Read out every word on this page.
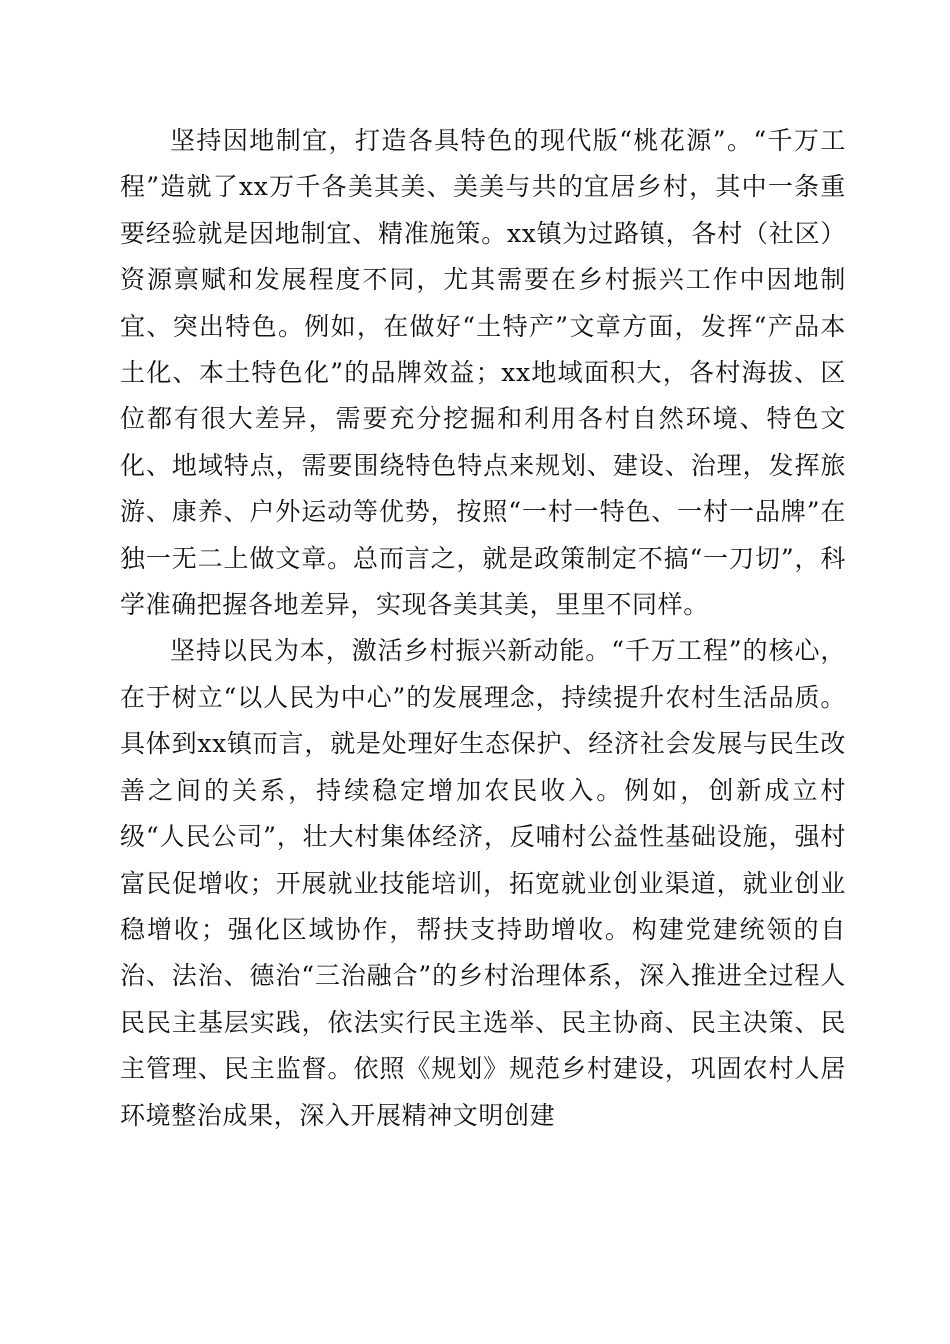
坚持因地制宜，打造各具特色的现代版“桃花源”。“千万工程”造就了xx万千各美其美、美美与共的宜居乡村，其中一条重要经验就是因地制宜、精准施策。xx镇为过路镇，各村（社区）资源禀赋和发展程度不同，尤其需要在乡村振兴工作中因地制宜、突出特色。例如，在做好“土特产”文章方面，发挥“产品本土化、本土特色化”的品牌效益；xx地域面积大，各村海拔、区位都有很大差异，需要充分挖掘和利用各村自然环境、特色文化、地域特点，需要围绕特色特点来规划、建设、治理，发挥旅游、康养、户外运动等优势，按照“一村一特色、一村一品牌”在独一无二上做文章。总而言之，就是政策制定不搞“一刀切”，科学准确把握各地差异，实现各美其美，里里不同样。

坚持以民为本，激活乡村振兴新动能。“千万工程”的核心，在于树立“以人民为中心”的发展理念，持续提升农村生活品质。具体到xx镇而言，就是处理好生态保护、经济社会发展与民生改善之间的关系，持续稳定增加农民收入。例如，创新成立村级“人民公司”，壮大村集体经济，反哺村公益性基础设施，强村富民促增收；开展就业技能培训，拓宽就业创业渠道，就业创业稳增收；强化区域协作，帮扶支持助增收。构建党建统领的自治、法治、德治“三治融合”的乡村治理体系，深入推进全过程人民民主基层实践，依法实行民主选举、民主协商、民主决策、民主管理、民主监督。依照《规划》规范乡村建设，巩固农村人居环境整治成果，深入开展精神文明创建
